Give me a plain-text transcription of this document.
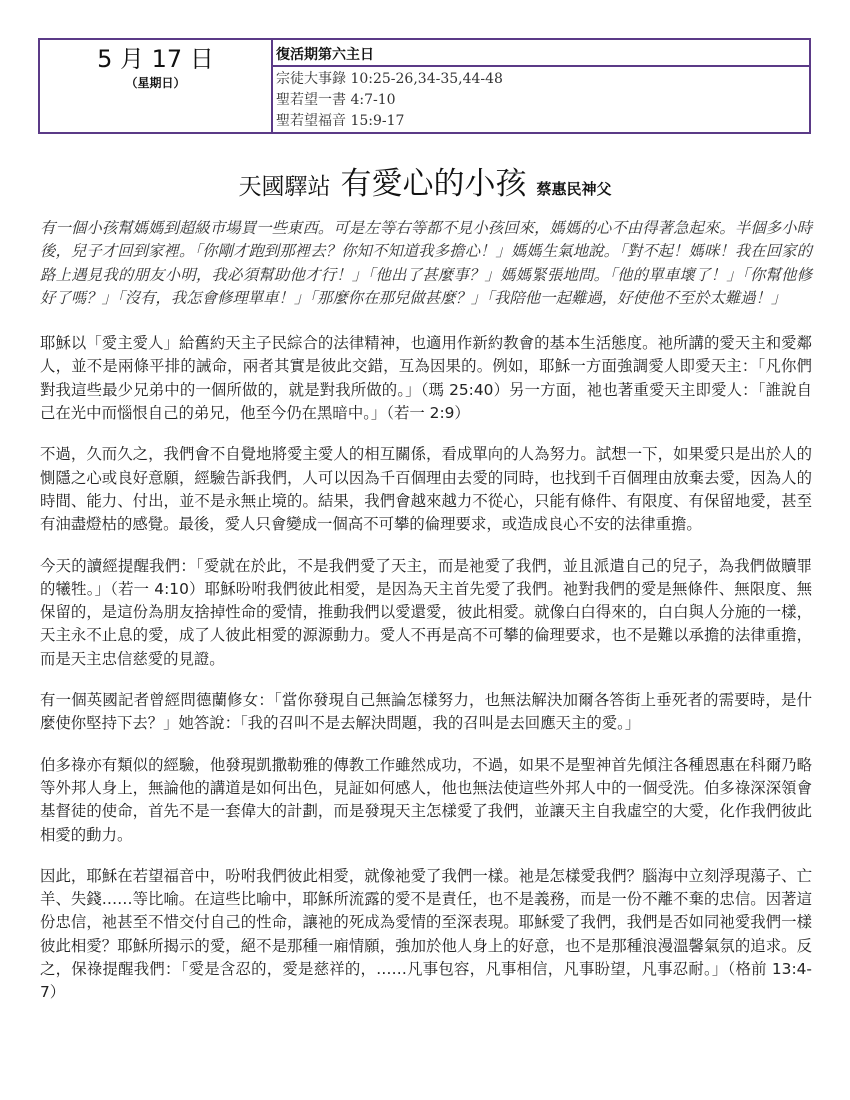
5 月 17 日
（星期日）
復活期第六主日
宗徒大事錄 10:25-26,34-35,44-48
聖若望一書 4:7-10
聖若望福音 15:9-17
天國驛站 有愛心的小孩 蔡惠民神父

有一個小孩幫媽媽到超級市場買一些東西。可是左等右等都不見小孩回來，媽媽的心不由得著急起來。半個多小時後，兒子才回到家裡。「你剛才跑到那裡去？你知不知道我多擔心！」媽媽生氣地說。「對不起！媽咪！我在回家的路上遇見我的朋友小明，我必須幫助他才行！」「他出了甚麼事？」媽媽緊張地問。「他的單車壞了！」「你幫他修好了嗎？」「沒有，我怎會修理單車！」「那麼你在那兒做甚麼？」「我陪他一起難過，好使他不至於太難過！」

耶穌以「愛主愛人」給舊約天主子民綜合的法律精神，也適用作新約教會的基本生活態度。祂所講的愛天主和愛鄰人，並不是兩條平排的誡命，兩者其實是彼此交錯，互為因果的。例如，耶穌一方面強調愛人即愛天主：「凡你們對我這些最少兄弟中的一個所做的，就是對我所做的。」（瑪 25:40）另一方面，祂也著重愛天主即愛人：「誰說自己在光中而惱恨自己的弟兄，他至今仍在黑暗中。」（若一 2:9）

不過，久而久之，我們會不自覺地將愛主愛人的相互關係，看成單向的人為努力。試想一下，如果愛只是出於人的惻隱之心或良好意願，經驗告訴我們，人可以因為千百個理由去愛的同時，也找到千百個理由放棄去愛，因為人的時間、能力、付出，並不是永無止境的。結果，我們會越來越力不從心，只能有條件、有限度、有保留地愛，甚至有油盡燈枯的感覺。最後，愛人只會變成一個高不可攀的倫理要求，或造成良心不安的法律重擔。

今天的讀經提醒我們：「愛就在於此，不是我們愛了天主，而是祂愛了我們，並且派遣自己的兒子，為我們做贖罪的犧牲。」（若一 4:10）耶穌吩咐我們彼此相愛，是因為天主首先愛了我們。祂對我們的愛是無條件、無限度、無保留的，是這份為朋友捨掉性命的愛情，推動我們以愛還愛，彼此相愛。就像白白得來的，白白與人分施的一樣，天主永不止息的愛，成了人彼此相愛的源源動力。愛人不再是高不可攀的倫理要求，也不是難以承擔的法律重擔，而是天主忠信慈愛的見證。

有一個英國記者曾經問德蘭修女：「當你發現自己無論怎樣努力，也無法解決加爾各答街上垂死者的需要時，是什麼使你堅持下去？」她答說：「我的召叫不是去解決問題，我的召叫是去回應天主的愛。」

伯多祿亦有類似的經驗，他發現凱撒勒雅的傳教工作雖然成功，不過，如果不是聖神首先傾注各種恩惠在科爾乃略等外邦人身上，無論他的講道是如何出色，見証如何感人，他也無法使這些外邦人中的一個受洗。伯多祿深深領會基督徒的使命，首先不是一套偉大的計劃，而是發現天主怎樣愛了我們，並讓天主自我虛空的大愛，化作我們彼此相愛的動力。

因此，耶穌在若望福音中，吩咐我們彼此相愛，就像祂愛了我們一樣。祂是怎樣愛我們？腦海中立刻浮現蕩子、亡羊、失錢……等比喻。在這些比喻中，耶穌所流露的愛不是責任，也不是義務，而是一份不離不棄的忠信。因著這份忠信，祂甚至不惜交付自己的性命，讓祂的死成為愛情的至深表現。耶穌愛了我們，我們是否如同祂愛我們一樣彼此相愛？耶穌所揭示的愛，絕不是那種一廂情願，強加於他人身上的好意，也不是那種浪漫溫馨氣氛的追求。反之，保祿提醒我們：「愛是含忍的，愛是慈祥的，……凡事包容，凡事相信，凡事盼望，凡事忍耐。」（格前 13:4-7）
